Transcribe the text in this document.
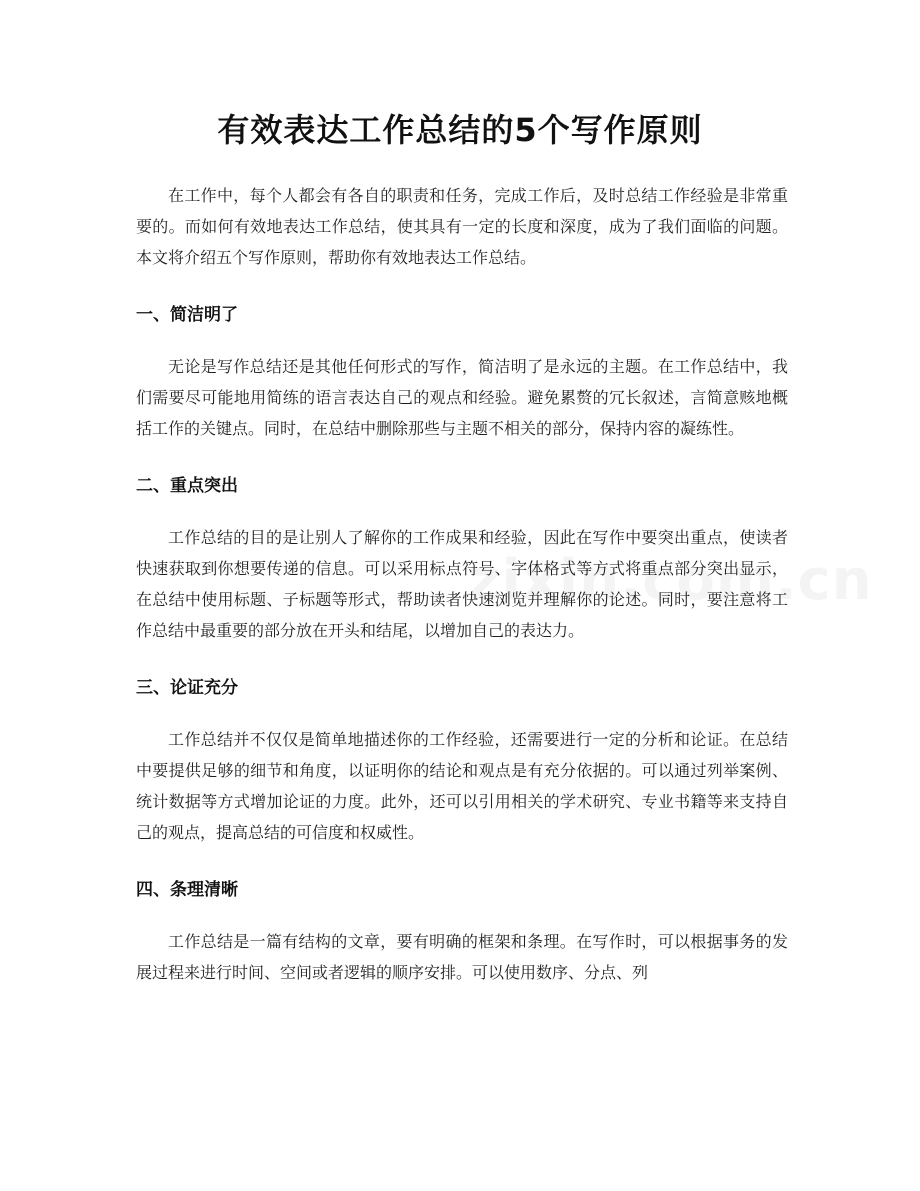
有效表达工作总结的5个写作原则

在工作中，每个人都会有各自的职责和任务，完成工作后，及时总结工作经验是非常重要的。而如何有效地表达工作总结，使其具有一定的长度和深度，成为了我们面临的问题。本文将介绍五个写作原则，帮助你有效地表达工作总结。

一、简洁明了

无论是写作总结还是其他任何形式的写作，简洁明了是永远的主题。在工作总结中，我们需要尽可能地用简练的语言表达自己的观点和经验。避免累赘的冗长叙述，言简意赅地概括工作的关键点。同时，在总结中删除那些与主题不相关的部分，保持内容的凝练性。

二、重点突出

工作总结的目的是让别人了解你的工作成果和经验，因此在写作中要突出重点，使读者快速获取到你想要传递的信息。可以采用标点符号、字体格式等方式将重点部分突出显示，在总结中使用标题、子标题等形式，帮助读者快速浏览并理解你的论述。同时，要注意将工作总结中最重要的部分放在开头和结尾，以增加自己的表达力。

三、论证充分

工作总结并不仅仅是简单地描述你的工作经验，还需要进行一定的分析和论证。在总结中要提供足够的细节和角度，以证明你的结论和观点是有充分依据的。可以通过列举案例、统计数据等方式增加论证的力度。此外，还可以引用相关的学术研究、专业书籍等来支持自己的观点，提高总结的可信度和权威性。

四、条理清晰

工作总结是一篇有结构的文章，要有明确的框架和条理。在写作时，可以根据事务的发展过程来进行时间、空间或者逻辑的顺序安排。可以使用数序、分点、列
